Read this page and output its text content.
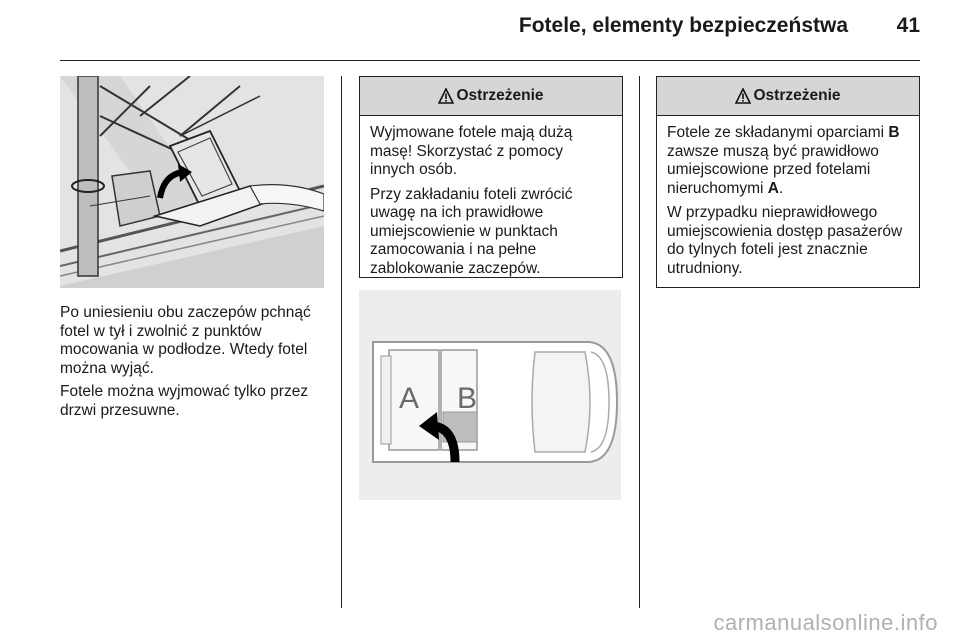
Fotele, elementy bezpieczeństwa 41

Po uniesieniu obu zaczepów pchnąć fotel w tył i zwolnić z punktów mocowania w podłodze. Wtedy fotel można wyjąć.

Fotele można wyjmować tylko przez drzwi przesuwne.

Ostrzeżenie

Wyjmowane fotele mają dużą masę! Skorzystać z pomocy innych osób.

Przy zakładaniu foteli zwrócić uwagę na ich prawidłowe umiejscowienie w punktach zamocowania i na pełne zablokowanie zaczepów.

A B
Ostrzeżenie

Fotele ze składanymi oparciami B zawsze muszą być prawidłowo umiejscowione przed fotelami nieruchomymi A.

W przypadku nieprawidłowego umiejscowienia dostęp pasażerów do tylnych foteli jest znacznie utrudniony.

carmanualsonline.info
